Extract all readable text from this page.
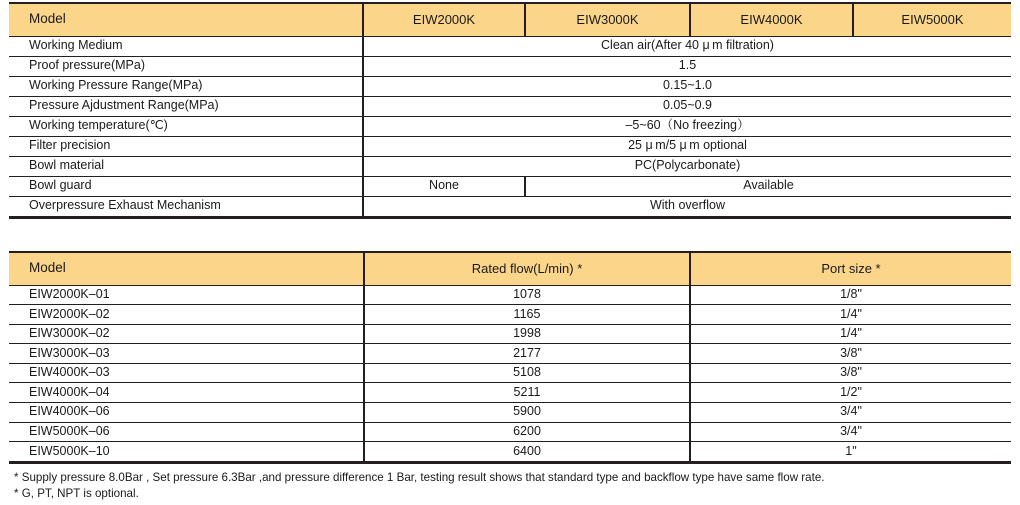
Model	EIW2000K	EIW3000K	EIW4000K	EIW5000K
Working Medium	Clean air(After 40 μ m filtration)			
Proof pressure(MPa)	1.5			
Working Pressure Range(MPa)	0.15~1.0			
Pressure Ajdustment Range(MPa)	0.05~0.9			
Working temperature(℃)	–5~60（No freezing）			
Filter precision	25 μ m/5 μ m optional			
Bowl material	PC(Polycarbonate)			
Bowl guard	None	Available		
Overpressure Exhaust Mechanism	With overflow			
Model	Rated flow(L/min) *	Port size *
EIW2000K–01	1078	1/8"
EIW2000K–02	1165	1/4"
EIW3000K–02	1998	1/4"
EIW3000K–03	2177	3/8"
EIW4000K–03	5108	3/8"
EIW4000K–04	5211	1/2"
EIW4000K–06	5900	3/4"
EIW5000K–06	6200	3/4"
EIW5000K–10	6400	1"
* Supply pressure 8.0Bar , Set pressure 6.3Bar ,and pressure difference 1 Bar, testing result shows that standard type and backflow type have same flow rate.
* G, PT, NPT is optional.
